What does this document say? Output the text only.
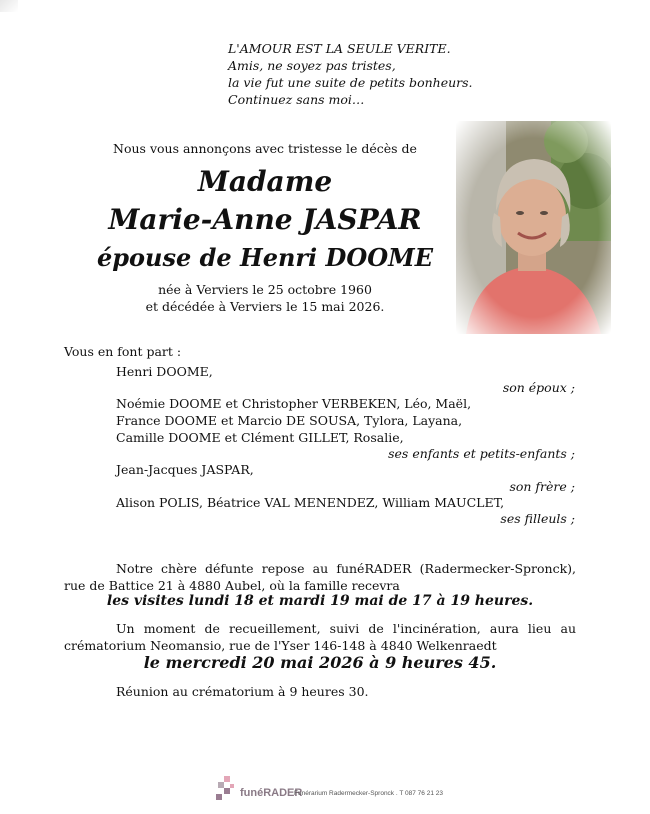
L'AMOUR EST LA SEULE VERITE.
Amis, ne soyez pas tristes,
la vie fut une suite de petits bonheurs.
Continuez sans moi…
Nous vous annonçons avec tristesse le décès de
Madame
Marie-Anne JASPAR
épouse de Henri DOOME
née à Verviers le 25 octobre 1960
et décédée à Verviers le 15 mai 2026.
Vous en font part :
Henri DOOME,
son époux ;
Noémie DOOME et Christopher VERBEKEN, Léo, Maël,
France DOOME et Marcio DE SOUSA, Tylora, Layana,
Camille DOOME et Clément GILLET, Rosalie,
ses enfants et petits-enfants ;
Jean-Jacques JASPAR,
son frère ;
Alison POLIS, Béatrice VAL MENENDEZ, William MAUCLET,
ses filleuls ;
Notre chère défunte repose au funéRADER (Radermecker-Spronck), rue de Battice 21 à 4880 Aubel, où la famille recevra
les visites lundi 18 et mardi 19 mai de 17 à 19 heures.
Un moment de recueillement, suivi de l'incinération, aura lieu au crématorium Neomansio, rue de l'Yser 146-148 à 4840 Welkenraedt
le mercredi 20 mai 2026 à 9 heures 45.
Réunion au crématorium à 9 heures 30.
funéRADER
Funérarium Radermecker-Spronck . T 087 76 21 23
